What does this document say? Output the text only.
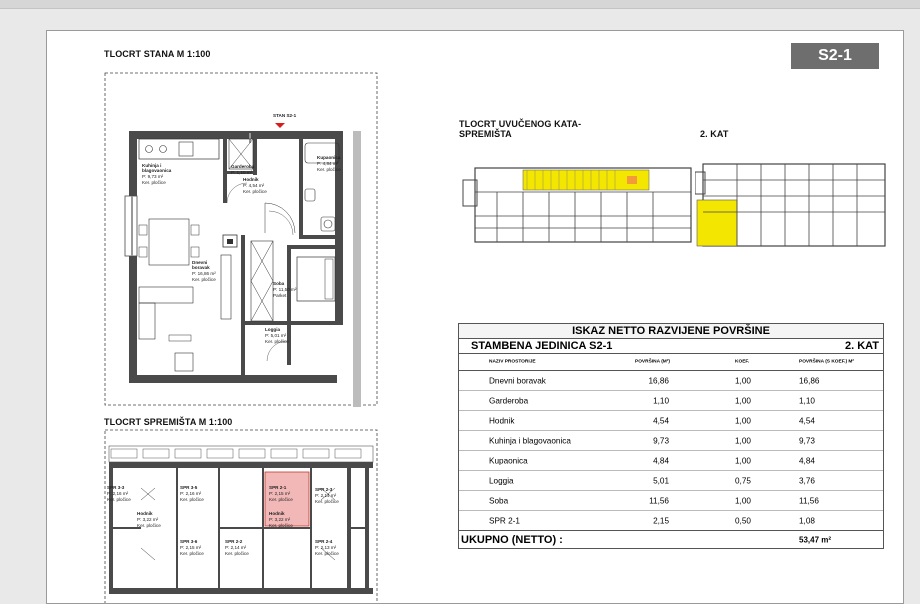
TLOCRT STANA M 1:100	S2-1
TLOCRT UVUČENOG KATA-
SPREMIŠTA	2. KAT
TLOCRT SPREMIŠTA M 1:100
STAN S2-1
Kuhinja i
blagovaonica
P: 9,73 m²
Ker. pločice
Garderoba
P: 1,10 m²
Kupaonica
P: 4,84 m²
Ker. pločice
Hodnik
P: 4,54 m²
Ker. pločice
Dnevni
boravak
P: 16,86 m²
Ker. pločice
Soba
P: 11,50 m²
Parket
Loggia
P: 5,01 m²
Ker. pločice
SPR 3-3
P: 2,16 m²
Ker. pločice
SPR 3-5
P: 2,16 m²
Ker. pločice
SPR 2-1
P: 2,15 m²
Ker. pločice
SPR 2-3
P: 2,14 m²
Ker. pločice
Hodnik
P: 3,22 m²
Ker. pločice
Hodnik
P: 3,22 m²
Ker. pločice
SPR 3-6
P: 2,15 m²
Ker. pločice
SPR 2-2
P: 2,14 m²
Ker. pločice
SPR 2-4
P: 2,13 m²
Ker. pločice
ISKAZ NETTO RAZVIJENE POVRŠINE
STAMBENA JEDINICA S2-1	2. KAT
NAZIV PROSTORIJE	POVRŠINA (M²)	KOEF.	POVRŠINA (S KOEF.) M²
Dnevni boravak	16,86	1,00	16,86
Garderoba	1,10	1,00	1,10
Hodnik	4,54	1,00	4,54
Kuhinja i blagovaonica	9,73	1,00	9,73
Kupaonica	4,84	1,00	4,84
Loggia	5,01	0,75	3,76
Soba	11,56	1,00	11,56
SPR 2-1	2,15	0,50	1,08
UKUPNO (NETTO) :	53,47 m²
